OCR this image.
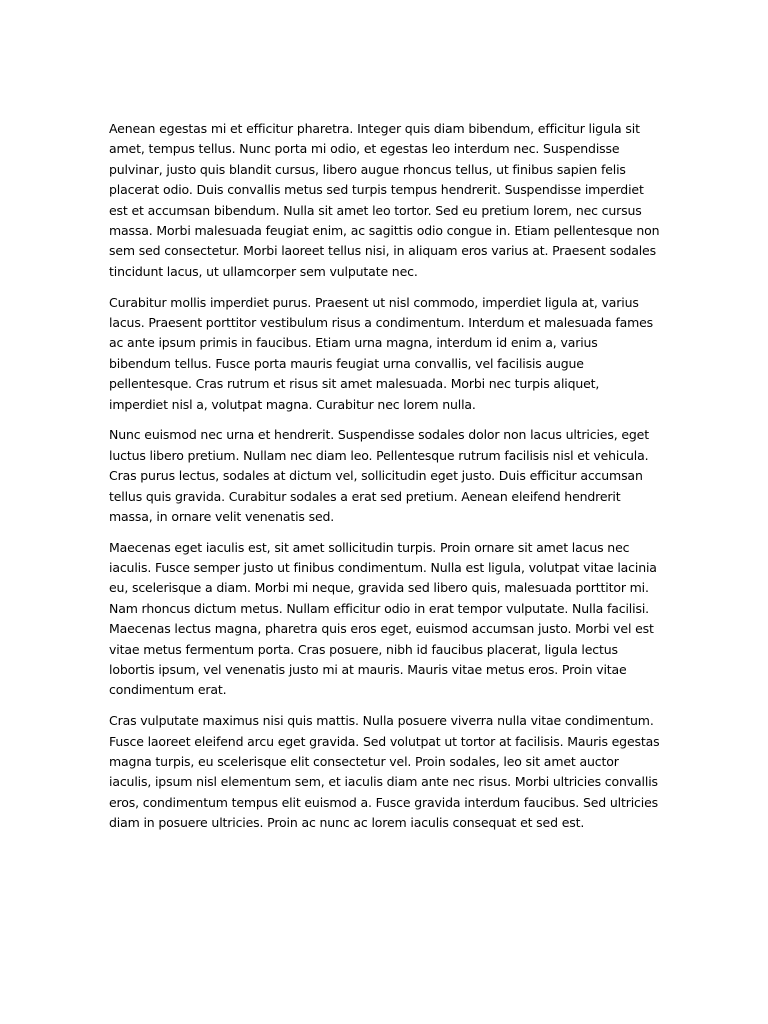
Aenean egestas mi et efficitur pharetra. Integer quis diam bibendum, efficitur ligula sit amet, tempus tellus. Nunc porta mi odio, et egestas leo interdum nec. Suspendisse pulvinar, justo quis blandit cursus, libero augue rhoncus tellus, ut finibus sapien felis placerat odio. Duis convallis metus sed turpis tempus hendrerit. Suspendisse imperdiet est et accumsan bibendum. Nulla sit amet leo tortor. Sed eu pretium lorem, nec cursus massa. Morbi malesuada feugiat enim, ac sagittis odio congue in. Etiam pellentesque non sem sed consectetur. Morbi laoreet tellus nisi, in aliquam eros varius at. Praesent sodales tincidunt lacus, ut ullamcorper sem vulputate nec.

Curabitur mollis imperdiet purus. Praesent ut nisl commodo, imperdiet ligula at, varius lacus. Praesent porttitor vestibulum risus a condimentum. Interdum et malesuada fames ac ante ipsum primis in faucibus. Etiam urna magna, interdum id enim a, varius bibendum tellus. Fusce porta mauris feugiat urna convallis, vel facilisis augue pellentesque. Cras rutrum et risus sit amet malesuada. Morbi nec turpis aliquet, imperdiet nisl a, volutpat magna. Curabitur nec lorem nulla.

Nunc euismod nec urna et hendrerit. Suspendisse sodales dolor non lacus ultricies, eget luctus libero pretium. Nullam nec diam leo. Pellentesque rutrum facilisis nisl et vehicula. Cras purus lectus, sodales at dictum vel, sollicitudin eget justo. Duis efficitur accumsan tellus quis gravida. Curabitur sodales a erat sed pretium. Aenean eleifend hendrerit massa, in ornare velit venenatis sed.

Maecenas eget iaculis est, sit amet sollicitudin turpis. Proin ornare sit amet lacus nec iaculis. Fusce semper justo ut finibus condimentum. Nulla est ligula, volutpat vitae lacinia eu, scelerisque a diam. Morbi mi neque, gravida sed libero quis, malesuada porttitor mi. Nam rhoncus dictum metus. Nullam efficitur odio in erat tempor vulputate. Nulla facilisi. Maecenas lectus magna, pharetra quis eros eget, euismod accumsan justo. Morbi vel est vitae metus fermentum porta. Cras posuere, nibh id faucibus placerat, ligula lectus lobortis ipsum, vel venenatis justo mi at mauris. Mauris vitae metus eros. Proin vitae condimentum erat.

Cras vulputate maximus nisi quis mattis. Nulla posuere viverra nulla vitae condimentum. Fusce laoreet eleifend arcu eget gravida. Sed volutpat ut tortor at facilisis. Mauris egestas magna turpis, eu scelerisque elit consectetur vel. Proin sodales, leo sit amet auctor iaculis, ipsum nisl elementum sem, et iaculis diam ante nec risus. Morbi ultricies convallis eros, condimentum tempus elit euismod a. Fusce gravida interdum faucibus. Sed ultricies diam in posuere ultricies. Proin ac nunc ac lorem iaculis consequat et sed est.
